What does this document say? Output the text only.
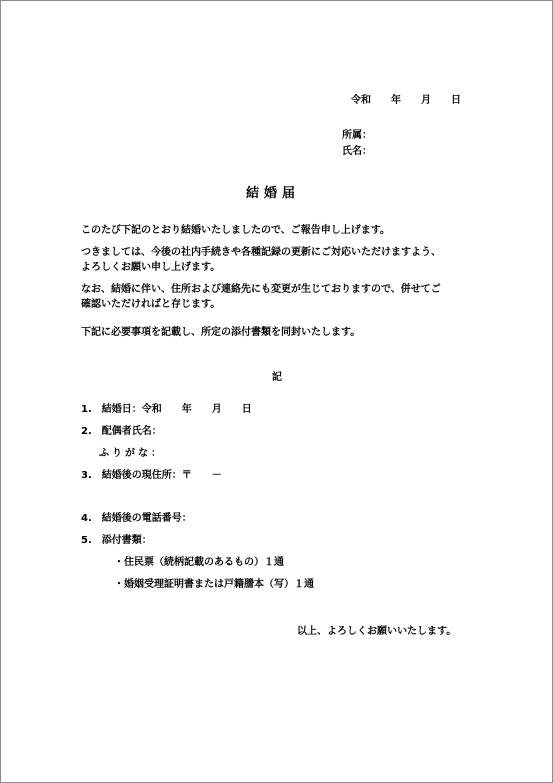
令和　　年　　月　　日
所属：
氏名：
結婚届
このたび下記のとおり結婚いたしましたので、ご報告申し上げます。
つきましては、今後の社内手続きや各種記録の更新にご対応いただけますよう、
よろしくお願い申し上げます。
なお、結婚に伴い、住所および連絡先にも変更が生じておりますので、併せてご
確認いただければと存じます。
下記に必要事項を記載し、所定の添付書類を同封いたします。
記
1.　結婚日：令和　　年　　月　　日
2.　配偶者氏名：
ふりがな：
3.　結婚後の現住所：〒　　－
4.　結婚後の電話番号：
5.　添付書類：
・住民票（続柄記載のあるもの）１通
・婚姻受理証明書または戸籍謄本（写）１通
以上、よろしくお願いいたします。
